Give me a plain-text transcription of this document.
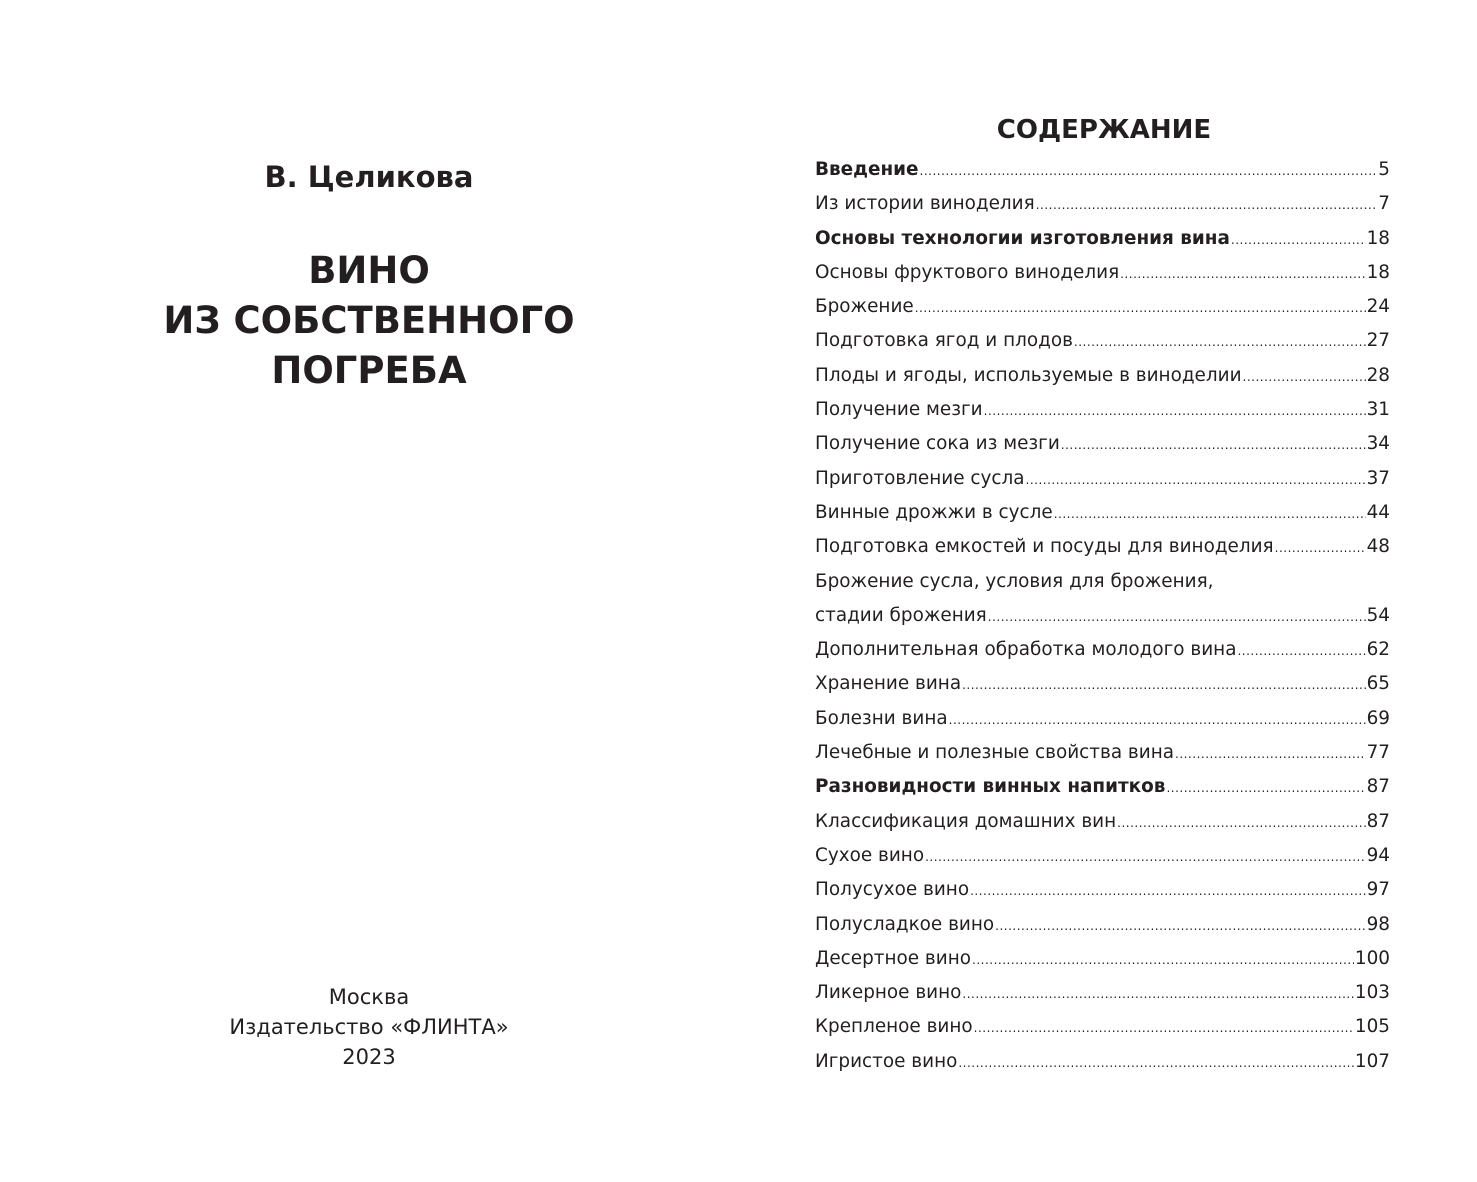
В. Целикова
ВИНО
ИЗ СОБСТВЕННОГО
ПОГРЕБА
Москва
Издательство «ФЛИНТА»
2023
СОДЕРЖАНИЕ
Введение .....	5
Из истории виноделия .....	7
Основы технологии изготовления вина .....	18
Основы фруктового виноделия .....	18
Брожение .....	24
Подготовка ягод и плодов .....	27
Плоды и ягоды, используемые в виноделии .....	28
Получение мезги .....	31
Получение сока из мезги .....	34
Приготовление сусла .....	37
Винные дрожжи в сусле .....	44
Подготовка емкостей и посуды для виноделия .....	48
Брожение сусла, условия для брожения,
стадии брожения .....	54
Дополнительная обработка молодого вина .....	62
Хранение вина .....	65
Болезни вина .....	69
Лечебные и полезные свойства вина .....	77
Разновидности винных напитков .....	87
Классификация домашних вин .....	87
Сухое вино .....	94
Полусухое вино .....	97
Полусладкое вино .....	98
Десертное вино .....	100
Ликерное вино .....	103
Крепленое вино .....	105
Игристое вино .....	107
